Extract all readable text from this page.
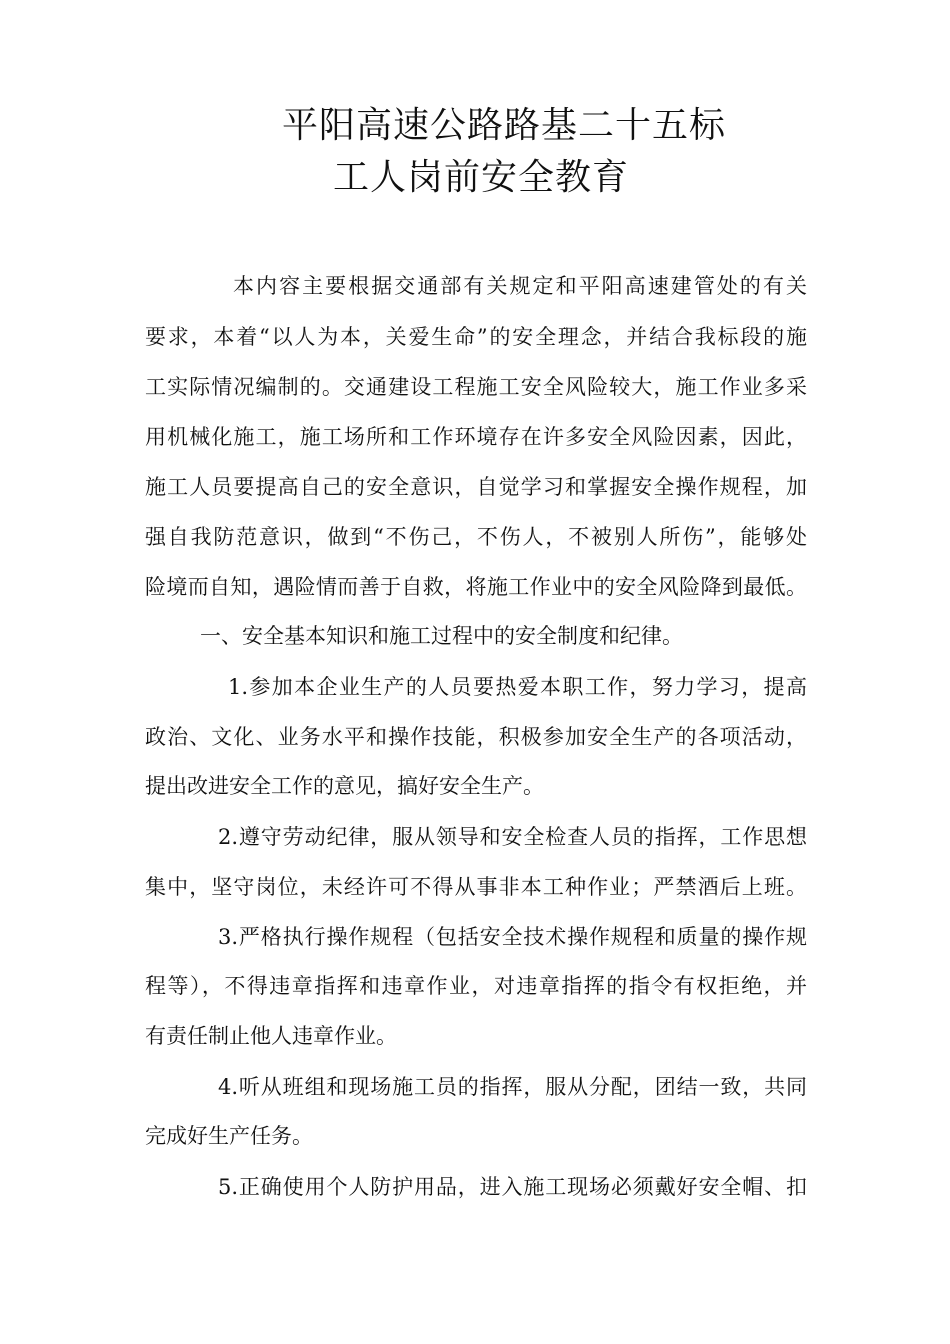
平阳高速公路路基二十五标
工人岗前安全教育
本内容主要根据交通部有关规定和平阳高速建管处的有关
要求，本着“以人为本，关爱生命”的安全理念，并结合我标段的施
工实际情况编制的。交通建设工程施工安全风险较大，施工作业多采
用机械化施工，施工场所和工作环境存在许多安全风险因素，因此，
施工人员要提高自己的安全意识，自觉学习和掌握安全操作规程，加
强自我防范意识，做到“不伤己，不伤人，不被别人所伤”，能够处
险境而自知，遇险情而善于自救，将施工作业中的安全风险降到最低。
一、安全基本知识和施工过程中的安全制度和纪律。
1.参加本企业生产的人员要热爱本职工作，努力学习，提高
政治、文化、业务水平和操作技能，积极参加安全生产的各项活动，
提出改进安全工作的意见，搞好安全生产。
2.遵守劳动纪律，服从领导和安全检查人员的指挥，工作思想
集中，坚守岗位，未经许可不得从事非本工种作业；严禁酒后上班。
3.严格执行操作规程（包括安全技术操作规程和质量的操作规
程等），不得违章指挥和违章作业，对违章指挥的指令有权拒绝，并
有责任制止他人违章作业。
4.听从班组和现场施工员的指挥，服从分配，团结一致，共同
完成好生产任务。
5.正确使用个人防护用品，进入施工现场必须戴好安全帽、扣
